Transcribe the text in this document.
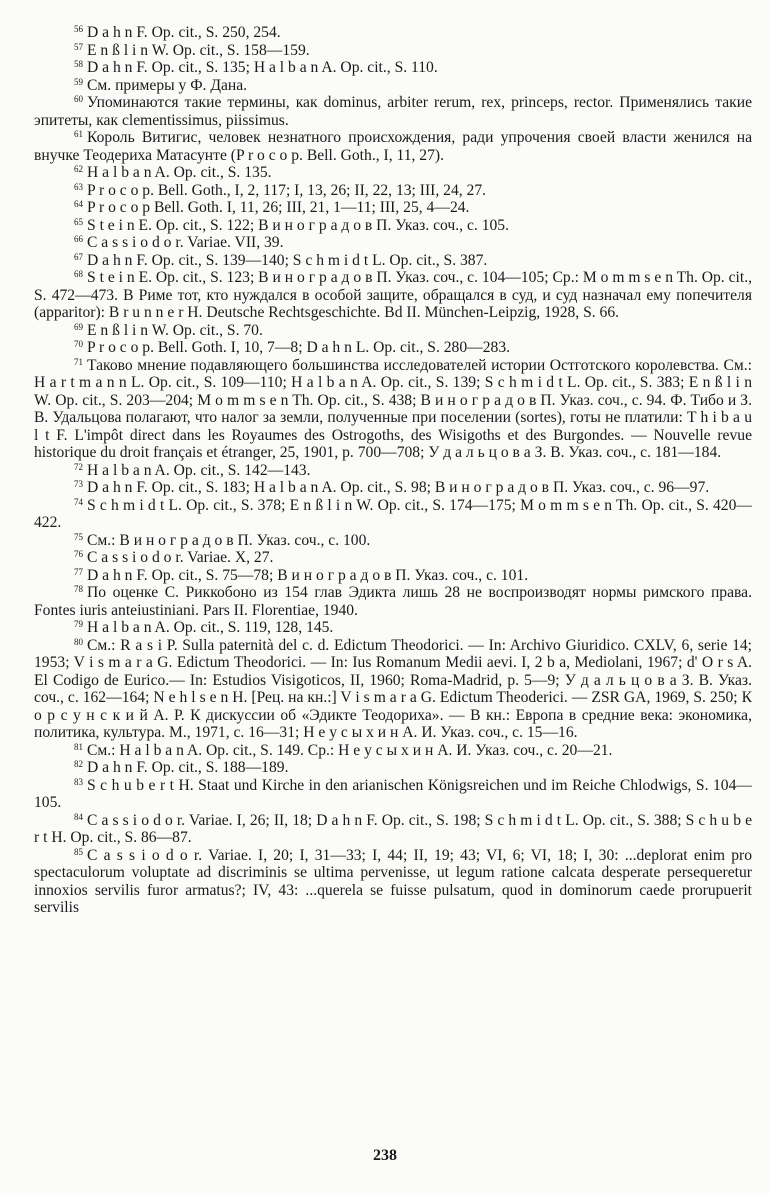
$^{56}$ D a h n F. Op. cit., S. 250, 254.
$^{57}$ E n ß l i n W. Op. cit., S. 158—159.
$^{58}$ D a h n F. Op. cit., S. 135; H a l b a n A. Op. cit., S. 110.
$^{59}$ См. примеры у Ф. Дана.
$^{60}$ Упоминаются такие термины, как dominus, arbiter rerum, rex, princeps, rector. Применялись такие эпитеты, как clementissimus, piissimus.
$^{61}$ Король Витигис, человек незнатного происхождения, ради упрочения своей власти женился на внучке Теодериха Матасунте (P r o c o p. Bell. Goth., I, 11, 27).
$^{62}$ H a l b a n A. Op. cit., S. 135.
$^{63}$ P r o c o p. Bell. Goth., I, 2, 117; I, 13, 26; II, 22, 13; III, 24, 27.
$^{64}$ P r o c o p Bell. Goth. I, 11, 26; III, 21, 1—11; III, 25, 4—24.
$^{65}$ S t e i n E. Op. cit., S. 122; В и н о г р а д о в П. Указ. соч., с. 105.
$^{66}$ C a s s i o d o r. Variae. VII, 39.
$^{67}$ D a h n F. Op. cit., S. 139—140; S c h m i d t L. Op. cit., S. 387.
$^{68}$ S t e i n E. Op. cit., S. 123; В и н о г р а д о в П. Указ. соч., с. 104—105; Ср.: M o m m s e n Th. Op. cit., S. 472—473. В Риме тот, кто нуждался в особой защите, обращался в суд, и суд назначал ему попечителя (apparitor): B r u n n e r H. Deutsche Rechtsgeschichte. Bd II. München-Leipzig, 1928, S. 66.
$^{69}$ E n ß l i n W. Op. cit., S. 70.
$^{70}$ P r o c o p. Bell. Goth. I, 10, 7—8; D a h n L. Op. cit., S. 280—283.
$^{71}$ Таково мнение подавляющего большинства исследователей истории Остготского королевства. См.: H a r t m a n n L. Op. cit., S. 109—110; H a l b a n A. Op. cit., S. 139; S c h m i d t L. Op. cit., S. 383; E n ß l i n W. Op. cit., S. 203—204; M o m m s e n Th. Op. cit., S. 438; В и н о г р а д о в П. Указ. соч., с. 94. Ф. Тибо и З. В. Удальцова полагают, что налог за земли, полученные при поселении (sortes), готы не платили: T h i b a u l t F. L'impôt direct dans les Royaumes des Ostrogoths, des Wisigoths et des Burgondes. — Nouvelle revue historique du droit français et étranger, 25, 1901, p. 700—708; У д а л ь ц о в а З. В. Указ. соч., с. 181—184.
$^{72}$ H a l b a n A. Op. cit., S. 142—143.
$^{73}$ D a h n F. Op. cit., S. 183; H a l b a n A. Op. cit., S. 98; В и н о г р а д о в П. Указ. соч., с. 96—97.
$^{74}$ S c h m i d t L. Op. cit., S. 378; E n ß l i n W. Op. cit., S. 174—175; M o m m s e n Th. Op. cit., S. 420—422.
$^{75}$ См.: В и н о г р а д о в П. Указ. соч., с. 100.
$^{76}$ C a s s i o d o r. Variae. X, 27.
$^{77}$ D a h n F. Op. cit., S. 75—78; В и н о г р а д о в П. Указ. соч., с. 101.
$^{78}$ По оценке С. Риккобоно из 154 глав Эдикта лишь 28 не воспроизводят нормы римского права. Fontes iuris anteiustiniani. Pars II. Florentiae, 1940.
$^{79}$ H a l b a n A. Op. cit., S. 119, 128, 145.
$^{80}$ См.: R a s i P. Sulla paternità del c. d. Edictum Theodorici. — In: Archivo Giuridico. CXLV, 6, serie 14; 1953; V i s m a r a G. Edictum Theodorici. — In: Ius Romanum Medii aevi. I, 2 b a, Mediolani, 1967; d' O r s A. El Codigo de Eurico.— In: Estudios Visigoticos, II, 1960; Roma-Madrid, p. 5—9; У д а л ь ц о в а З. В. Указ. соч., с. 162—164; N e h l s e n H. [Рец. на кн.:] V i s m a r a G. Edictum Theoderici. — ZSR GA, 1969, S. 250; К о р с у н с к и й А. Р. К дискуссии об «Эдикте Теодориха». — В кн.: Европа в средние века: экономика, политика, культура. М., 1971, с. 16—31; Н е у с ы х и н А. И. Указ. соч., с. 15—16.
$^{81}$ См.: H a l b a n A. Op. cit., S. 149. Ср.: Н е у с ы х и н А. И. Указ. соч., с. 20—21.
$^{82}$ D a h n F. Op. cit., S. 188—189.
$^{83}$ S c h u b e r t H. Staat und Kirche in den arianischen Königsreichen und im Reiche Chlodwigs, S. 104—105.
$^{84}$ C a s s i o d o r. Variae. I, 26; II, 18; D a h n F. Op. cit., S. 198; S c h m i d t L. Op. cit., S. 388; S c h u b e r t H. Op. cit., S. 86—87.
$^{85}$ C a s s i o d o r. Variae. I, 20; I, 31—33; I, 44; II, 19; 43; VI, 6; VI, 18; I, 30: ...deplorat enim pro spectaculorum voluptate ad discriminis se ultima pervenisse, ut legum ratione calcata desperate persequeretur innoxios servilis furor armatus?; IV, 43: ...querela se fuisse pulsatum, quod in dominorum caede prorupuerit servilis
238
